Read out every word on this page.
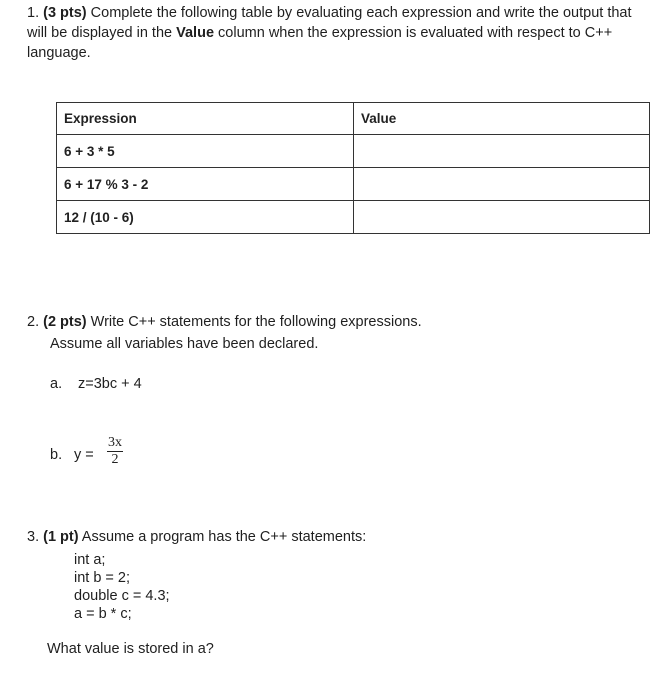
1. (3 pts) Complete the following table by evaluating each expression and write the output that will be displayed in the Value column when the expression is evaluated with respect to C++ language.
Expression	Value
6 + 3 * 5	
6 + 17 % 3 - 2	
12 / (10 - 6)	
2. (2 pts) Write C++ statements for the following expressions.
Assume all variables have been declared.
a. z=3bc + 4
b. y =
3x
2
3. (1 pt) Assume a program has the C++ statements:
int a;
int b = 2;
double c = 4.3;
a = b * c;
What value is stored in a?
